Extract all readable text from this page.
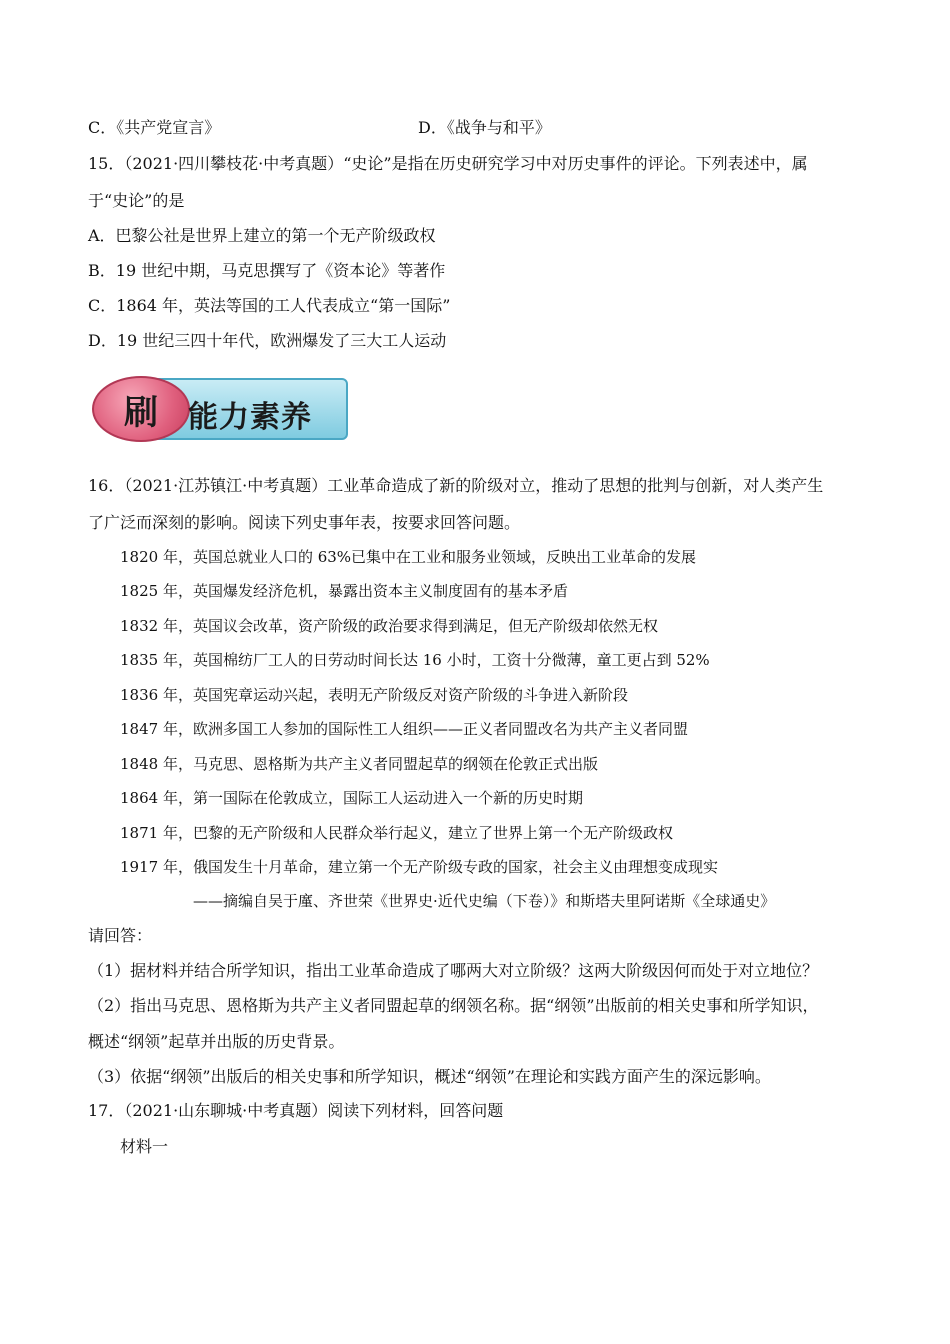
C．《共产党宣言》	D．《战争与和平》
15．（2021·四川攀枝花·中考真题）“史论”是指在历史研究学习中对历史事件的评论。下列表述中，属
于“史论”的是
A．巴黎公社是世界上建立的第一个无产阶级政权
B．19 世纪中期，马克思撰写了《资本论》等著作
C．1864 年，英法等国的工人代表成立“第一国际”
D．19 世纪三四十年代，欧洲爆发了三大工人运动
刷 能力素养
16．（2021·江苏镇江·中考真题）工业革命造成了新的阶级对立，推动了思想的批判与创新，对人类产生
了广泛而深刻的影响。阅读下列史事年表，按要求回答问题。
1820 年，英国总就业人口的 63%已集中在工业和服务业领域，反映出工业革命的发展
1825 年，英国爆发经济危机，暴露出资本主义制度固有的基本矛盾
1832 年，英国议会改革，资产阶级的政治要求得到满足，但无产阶级却依然无权
1835 年，英国棉纺厂工人的日劳动时间长达 16 小时，工资十分微薄，童工更占到 52%
1836 年，英国宪章运动兴起，表明无产阶级反对资产阶级的斗争进入新阶段
1847 年，欧洲多国工人参加的国际性工人组织——正义者同盟改名为共产主义者同盟
1848 年，马克思、恩格斯为共产主义者同盟起草的纲领在伦敦正式出版
1864 年，第一国际在伦敦成立，国际工人运动进入一个新的历史时期
1871 年，巴黎的无产阶级和人民群众举行起义，建立了世界上第一个无产阶级政权
1917 年，俄国发生十月革命，建立第一个无产阶级专政的国家，社会主义由理想变成现实
——摘编自吴于廑、齐世荣《世界史·近代史编（下卷）》和斯塔夫里阿诺斯《全球通史》
请回答：
（1）据材料并结合所学知识，指出工业革命造成了哪两大对立阶级？这两大阶级因何而处于对立地位？
（2）指出马克思、恩格斯为共产主义者同盟起草的纲领名称。据“纲领”出版前的相关史事和所学知识，
概述“纲领”起草并出版的历史背景。
（3）依据“纲领”出版后的相关史事和所学知识，概述“纲领”在理论和实践方面产生的深远影响。
17．（2021·山东聊城·中考真题）阅读下列材料，回答问题
材料一
